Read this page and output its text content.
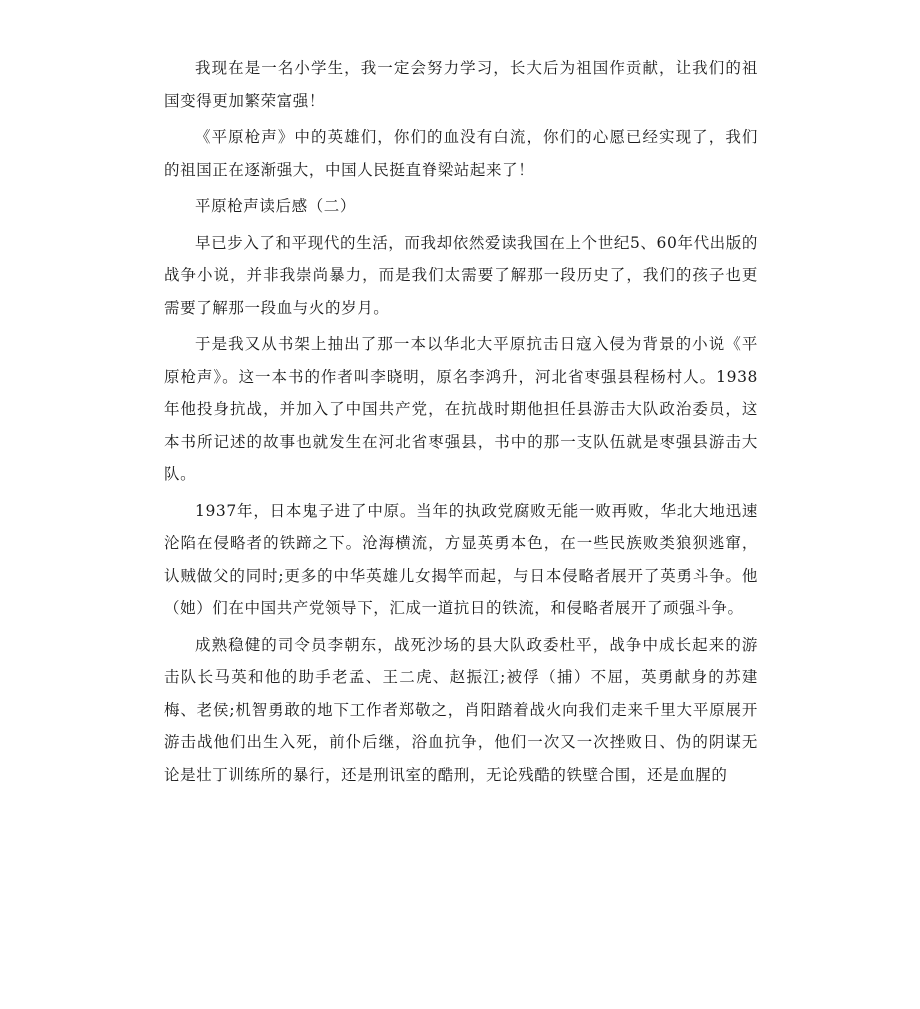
我现在是一名小学生，我一定会努力学习，长大后为祖国作贡献，让我们的祖国变得更加繁荣富强！

《平原枪声》中的英雄们，你们的血没有白流，你们的心愿已经实现了，我们的祖国正在逐渐强大，中国人民挺直脊梁站起来了！

平原枪声读后感（二）

早已步入了和平现代的生活，而我却依然爱读我国在上个世纪5、60年代出版的战争小说，并非我崇尚暴力，而是我们太需要了解那一段历史了，我们的孩子也更需要了解那一段血与火的岁月。

于是我又从书架上抽出了那一本以华北大平原抗击日寇入侵为背景的小说《平原枪声》。这一本书的作者叫李晓明，原名李鸿升，河北省枣强县程杨村人。1938年他投身抗战，并加入了中国共产党，在抗战时期他担任县游击大队政治委员，这本书所记述的故事也就发生在河北省枣强县，书中的那一支队伍就是枣强县游击大队。

1937年，日本鬼子进了中原。当年的执政党腐败无能一败再败，华北大地迅速沦陷在侵略者的铁蹄之下。沧海横流，方显英勇本色，在一些民族败类狼狈逃窜，认贼做父的同时;更多的中华英雄儿女揭竿而起，与日本侵略者展开了英勇斗争。他（她）们在中国共产党领导下，汇成一道抗日的铁流，和侵略者展开了顽强斗争。

成熟稳健的司令员李朝东，战死沙场的县大队政委杜平，战争中成长起来的游击队长马英和他的助手老孟、王二虎、赵振江;被俘（捕）不屈，英勇献身的苏建梅、老侯;机智勇敢的地下工作者郑敬之，肖阳踏着战火向我们走来千里大平原展开游击战他们出生入死，前仆后继，浴血抗争，他们一次又一次挫败日、伪的阴谋无论是壮丁训练所的暴行，还是刑讯室的酷刑，无论残酷的铁壁合围，还是血腥的
